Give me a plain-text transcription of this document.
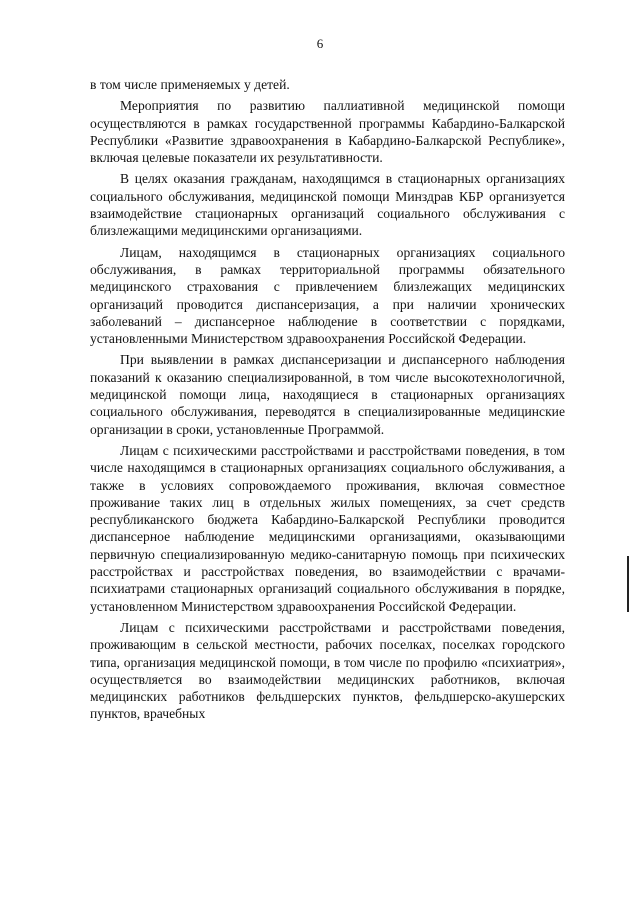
6

в том числе применяемых у детей.

Мероприятия по развитию паллиативной медицинской помощи осуществляются в рамках государственной программы Кабардино-Балкарской Республики «Развитие здравоохранения в Кабардино-Балкарской Республике», включая целевые показатели их результативности.

В целях оказания гражданам, находящимся в стационарных организациях социального обслуживания, медицинской помощи Минздрав КБР организуется взаимодействие стационарных организаций социального обслуживания с близлежащими медицинскими организациями.

Лицам, находящимся в стационарных организациях социального обслуживания, в рамках территориальной программы обязательного медицинского страхования с привлечением близлежащих медицинских организаций проводится диспансеризация, а при наличии хронических заболеваний – диспансерное наблюдение в соответствии с порядками, установленными Министерством здравоохранения Российской Федерации.

При выявлении в рамках диспансеризации и диспансерного наблюдения показаний к оказанию специализированной, в том числе высокотехнологичной, медицинской помощи лица, находящиеся в стационарных организациях социального обслуживания, переводятся в специализированные медицинские организации в сроки, установленные Программой.

Лицам с психическими расстройствами и расстройствами поведения, в том числе находящимся в стационарных организациях социального обслуживания, а также в условиях сопровождаемого проживания, включая совместное проживание таких лиц в отдельных жилых помещениях, за счет средств республиканского бюджета Кабардино-Балкарской Республики проводится диспансерное наблюдение медицинскими организациями, оказывающими первичную специализированную медико-санитарную помощь при психических расстройствах и расстройствах поведения, во взаимодействии с врачами-психиатрами стационарных организаций социального обслуживания в порядке, установленном Министерством здравоохранения Российской Федерации.

Лицам с психическими расстройствами и расстройствами поведения, проживающим в сельской местности, рабочих поселках, поселках городского типа, организация медицинской помощи, в том числе по профилю «психиатрия», осуществляется во взаимодействии медицинских работников, включая медицинских работников фельдшерских пунктов, фельдшерско-акушерских пунктов, врачебных
